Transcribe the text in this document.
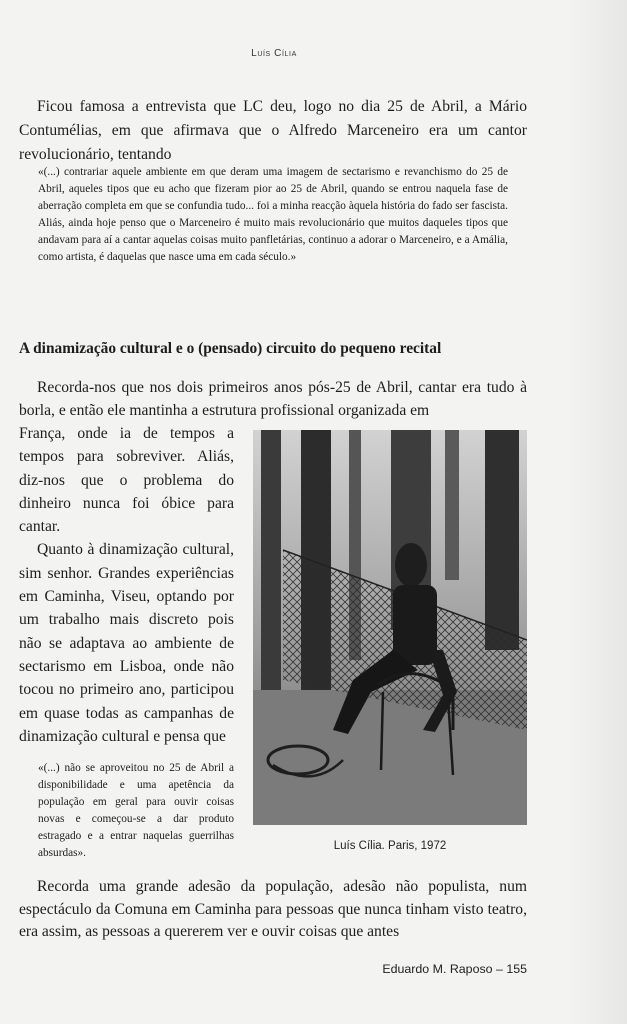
Luís Cília

Ficou famosa a entrevista que LC deu, logo no dia 25 de Abril, a Mário Contumélias, em que afirmava que o Alfredo Marceneiro era um cantor revolucionário, tentando

«(...) contrariar aquele ambiente em que deram uma imagem de sectarismo e revanchismo do 25 de Abril, aqueles tipos que eu acho que fizeram pior ao 25 de Abril, quando se entrou naquela fase de aberração completa em que se confundia tudo... foi a minha reacção àquela história do fado ser fascista. Aliás, ainda hoje penso que o Marceneiro é muito mais revolucionário que muitos daqueles tipos que andavam para aí a cantar aquelas coisas muito panfletárias, continuo a adorar o Marceneiro, e a Amália, como artista, é daquelas que nasce uma em cada século.»

A dinamização cultural e o (pensado) circuito do pequeno recital

Recorda-nos que nos dois primeiros anos pós-25 de Abril, cantar era tudo à borla, e então ele mantinha a estrutura profissional organizada em

França, onde ia de tempos a tempos para sobreviver. Aliás, diz-nos que o problema do dinheiro nunca foi óbice para cantar.

Quanto à dinamização cultural, sim senhor. Grandes experiências em Caminha, Viseu, optando por um trabalho mais discreto pois não se adaptava ao ambiente de sectarismo em Lisboa, onde não tocou no primeiro ano, participou em quase todas as campanhas de dinamização cultural e pensa que

«(...) não se aproveitou no 25 de Abril a disponibilidade e uma apetência da população em geral para ouvir coisas novas e começou-se a dar produto estragado e a entrar naquelas guerrilhas absurdas».

Luís Cília. Paris, 1972

Recorda uma grande adesão da população, adesão não populista, num espectáculo da Comuna em Caminha para pessoas que nunca tinham visto teatro, era assim, as pessoas a quererem ver e ouvir coisas que antes

Eduardo M. Raposo – 155
